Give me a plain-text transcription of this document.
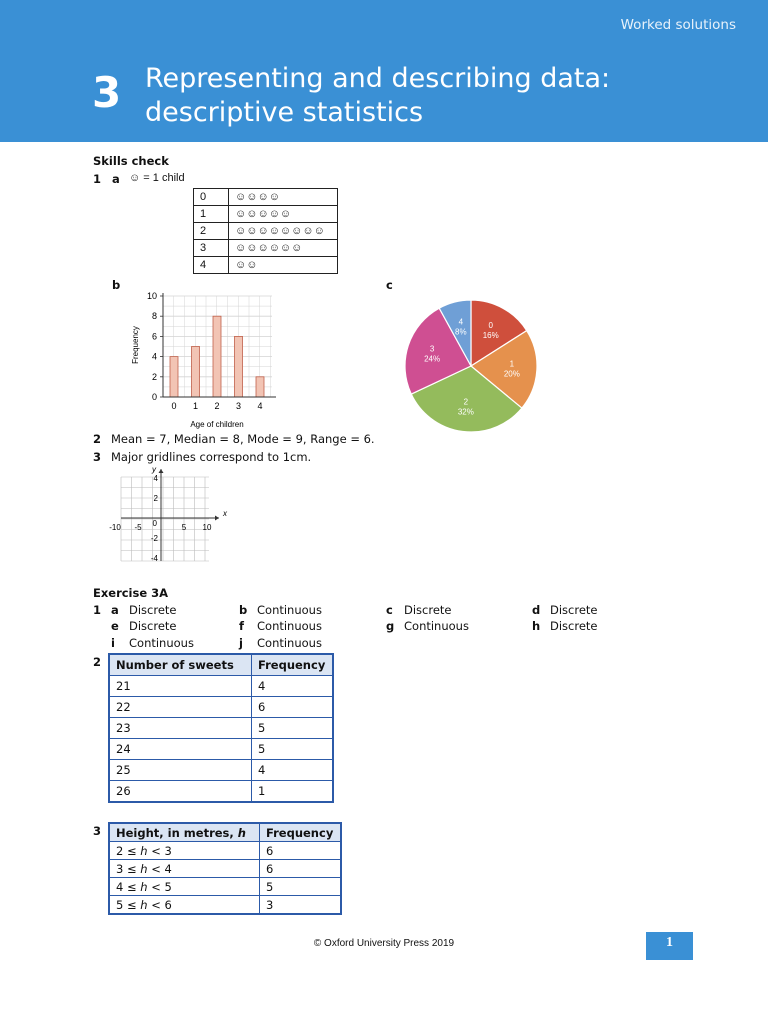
Worked solutions
3 Representing and describing data:
descriptive statistics
Skills check
1 a ☺ = 1 child
0	☺☺☺☺
1	☺☺☺☺☺
2	☺☺☺☺☺☺☺☺
3	☺☺☺☺☺☺
4	☺☺
b	c
0 1 2 3 4
0
2
4
6
8
10
Age of children
Frequency
0
16%
1
20%
2
32%
3
24%
4
8%
2 Mean = 7, Median = 8, Mode = 9, Range = 6.
3 Major gridlines correspond to 1cm.
-10 -5	5 10
0
4
2
-2
-4
x
y
Exercise 3A
1 a Discrete	b Continuous	c Discrete	d Discrete
e Discrete	f Continuous	g Continuous	h Discrete
i Continuous	j Continuous
2 Number of sweets	Frequency
21	4
22	6
23	5
24	5
25	4
26	1
3 Height, in metres, h	Frequency
2 ≤ h < 3	6
3 ≤ h < 4	6
4 ≤ h < 5	5
5 ≤ h < 6	3
© Oxford University Press 2019	1
